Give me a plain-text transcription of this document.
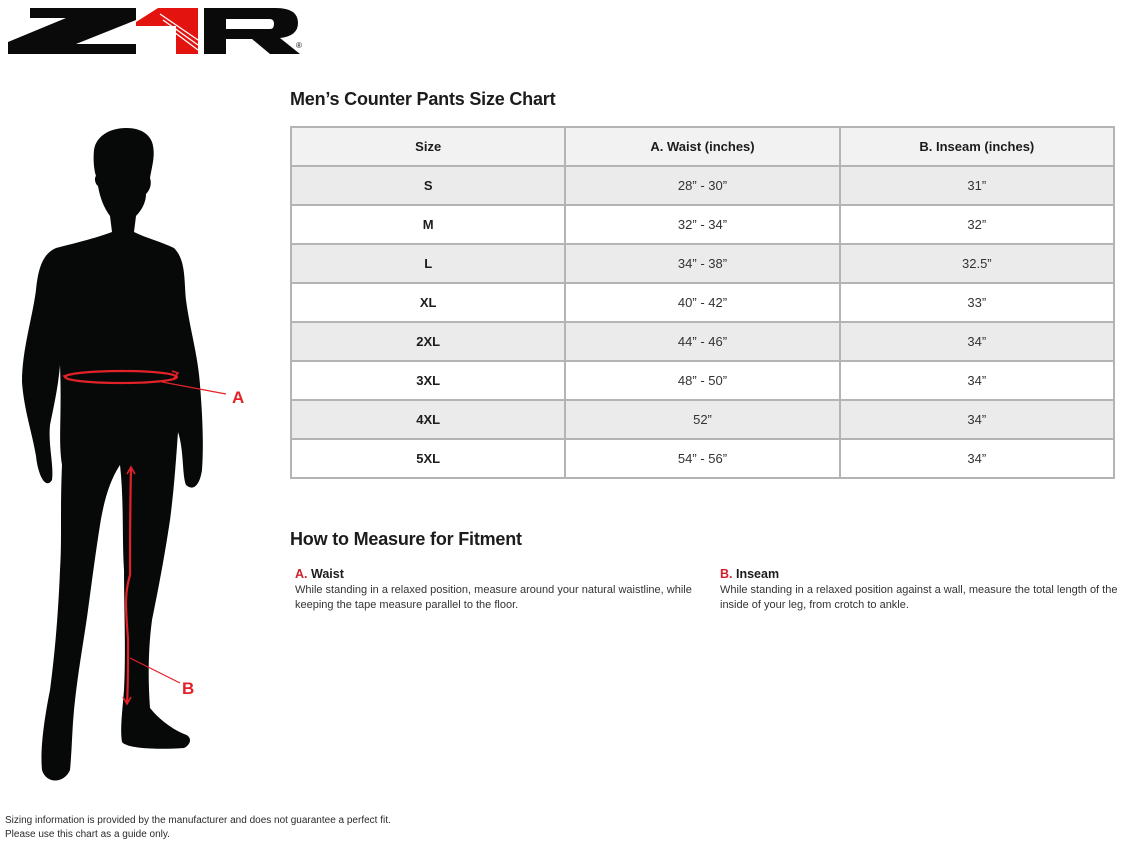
®
A
B
Men’s Counter Pants Size Chart
Size	A. Waist (inches)	B. Inseam (inches)
S	28” - 30”	31”
M	32” - 34”	32”
L	34” - 38”	32.5”
XL	40” - 42”	33”
2XL	44” - 46”	34”
3XL	48” - 50”	34”
4XL	52”	34”
5XL	54” - 56”	34”
How to Measure for Fitment
A. Waist
While standing in a relaxed position, measure around your natural waistline, while keeping the tape measure parallel to the floor.
B. Inseam
While standing in a relaxed position against a wall, measure the total length of the inside of your leg, from crotch to ankle.
Sizing information is provided by the manufacturer and does not guarantee a perfect fit.
Please use this chart as a guide only.
